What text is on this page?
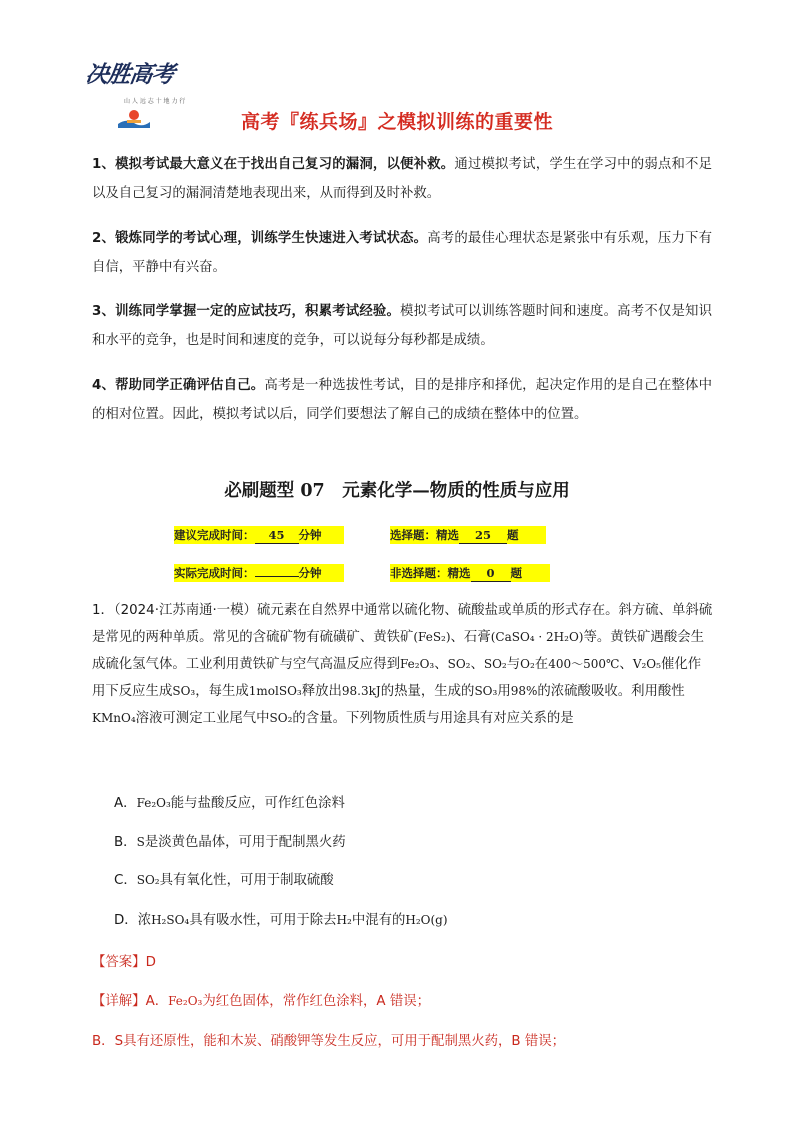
决胜高考
山 人 远 志 十 地 力 行
高考『练兵场』之模拟训练的重要性

1、模拟考试最大意义在于找出自己复习的漏洞，以便补救。通过模拟考试，学生在学习中的弱点和不足以及自己复习的漏洞清楚地表现出来，从而得到及时补救。

2、锻炼同学的考试心理，训练学生快速进入考试状态。高考的最佳心理状态是紧张中有乐观，压力下有自信，平静中有兴奋。

3、训练同学掌握一定的应试技巧，积累考试经验。模拟考试可以训练答题时间和速度。高考不仅是知识和水平的竞争，也是时间和速度的竞争，可以说每分每秒都是成绩。

4、帮助同学正确评估自己。高考是一种选拔性考试，目的是排序和择优，起决定作用的是自己在整体中的相对位置。因此，模拟考试以后，同学们要想法了解自己的成绩在整体中的位置。

必刷题型 07　元素化学—物质的性质与应用
建议完成时间： 45 分钟	选择题：精选 25 题
实际完成时间：	分钟	非选择题：精选 0 题

1．（2024·江苏南通·一模）硫元素在自然界中通常以硫化物、硫酸盐或单质的形式存在。斜方硫、单斜硫是常见的两种单质。常见的含硫矿物有硫磺矿、黄铁矿(FeS₂)、石膏(CaSO₄ · 2H₂O)等。黄铁矿遇酸会生成硫化氢气体。工业利用黄铁矿与空气高温反应得到Fe₂O₃、SO₂、SO₂与O₂在400～500℃、V₂O₅催化作用下反应生成SO₃，每生成1molSO₃释放出98.3kJ的热量，生成的SO₃用98%的浓硫酸吸收。利用酸性KMnO₄溶液可测定工业尾气中SO₂的含量。下列物质性质与用途具有对应关系的是

A．Fe₂O₃能与盐酸反应，可作红色涂料
B．S是淡黄色晶体，可用于配制黑火药
C．SO₂具有氧化性，可用于制取硫酸
D．浓H₂SO₄具有吸水性，可用于除去H₂中混有的H₂O(g)
【答案】D
【详解】A．Fe₂O₃为红色固体，常作红色涂料，A 错误；
B．S具有还原性，能和木炭、硝酸钾等发生反应，可用于配制黑火药，B 错误；
